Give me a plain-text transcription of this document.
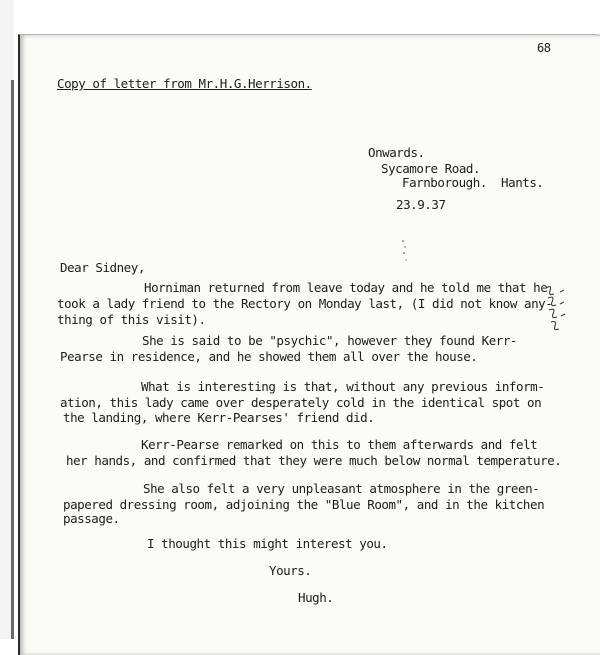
68
Copy of letter from Mr.H.G.Herrison.
Onwards.
Sycamore Road.
Farnborough.  Hants.
23.9.37
Dear Sidney,
Horniman returned from leave today and he told me that he
took a lady friend to the Rectory on Monday last, (I did not know any-
thing of this visit).
She is said to be "psychic", however they found Kerr-
Pearse in residence, and he showed them all over the house.
What is interesting is that, without any previous inform-
ation, this lady came over desperately cold in the identical spot on
the landing, where Kerr-Pearses' friend did.
Kerr-Pearse remarked on this to them afterwards and felt
her hands, and confirmed that they were much below normal temperature.
She also felt a very unpleasant atmosphere in the green-
papered dressing room, adjoining the "Blue Room", and in the kitchen
passage.
I thought this might interest you.
Yours.
Hugh.
